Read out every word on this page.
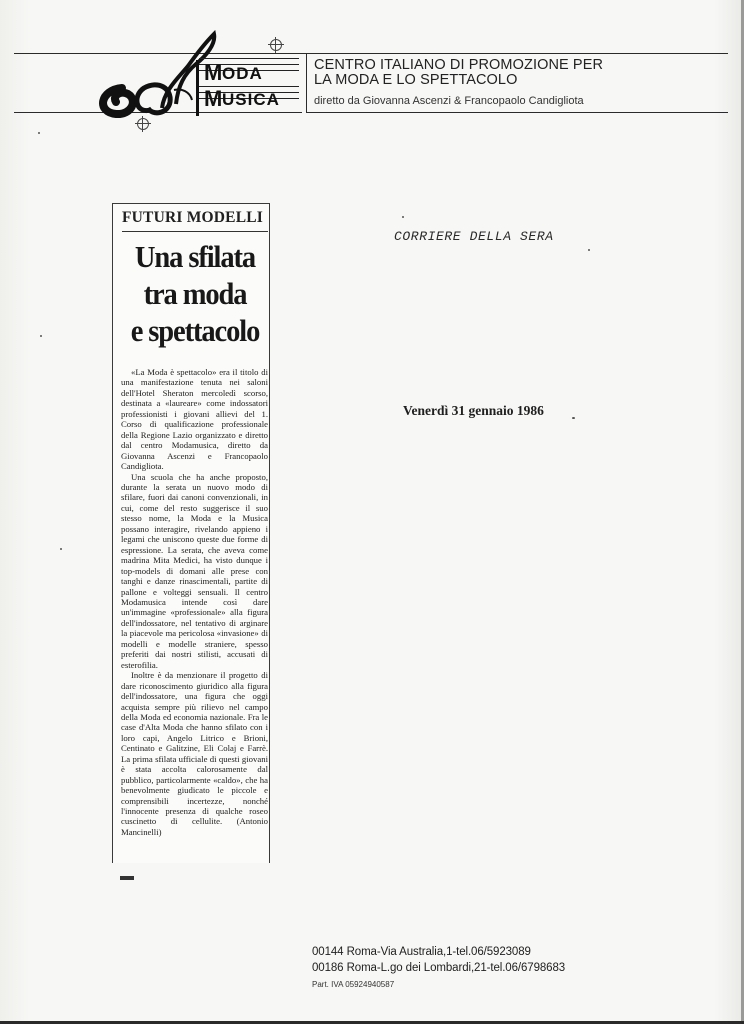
M
ODA
M
USICA
CENTRO ITALIANO DI PROMOZIONE PER
LA MODA E LO SPETTACOLO
diretto da Giovanna Ascenzi & Francopaolo Candigliota
FUTURI MODELLI
Una sfilata
tra moda
e spettacolo

«La Moda è spettacolo» era il titolo di una manifestazione tenuta nei saloni dell'Hotel Sheraton mercoledì scorso, destinata a «laureare» come indossatori professionisti i giovani allievi del 1. Corso di qualificazione professionale della Regione Lazio organizzato e diretto dal centro Modamusica, diretto da Giovanna Ascenzi e Francopaolo Candigliota.

Una scuola che ha anche proposto, durante la serata un nuovo modo di sfilare, fuori dai canoni convenzionali, in cui, come del resto suggerisce il suo stesso nome, la Moda e la Musica possano interagire, rivelando appieno i legami che uniscono queste due forme di espressione. La serata, che aveva come madrina Mita Medici, ha visto dunque i top-models di domani alle prese con tanghi e danze rinascimentali, partite di pallone e volteggi sensuali. Il centro Modamusica intende così dare un'immagine «professionale» alla figura dell'indossatore, nel tentativo di arginare la piacevole ma pericolosa «invasione» di modelli e modelle straniere, spesso preferiti dai nostri stilisti, accusati di esterofilia.

Inoltre è da menzionare il progetto di dare riconoscimento giuridico alla figura dell'indossatore, una figura che oggi acquista sempre più rilievo nel campo della Moda ed economia nazionale. Fra le case d'Alta Moda che hanno sfilato con i loro capi, Angelo Litrico e Brioni, Centinato e Galitzine, Eli Colaj e Farrè. La prima sfilata ufficiale di questi giovani è stata accolta calorosamente dal pubblico, particolarmente «caldo», che ha benevolmente giudicato le piccole e comprensibili incertezze, nonché l'innocente presenza di qualche roseo cuscinetto di cellulite. (Antonio Mancinelli)

CORRIERE DELLA SERA
Venerdì 31 gennaio 1986
00144 Roma-Via Australia,1-tel.06/5923089
00186 Roma-L.go dei Lombardi,21-tel.06/6798683
Part. IVA 05924940587
